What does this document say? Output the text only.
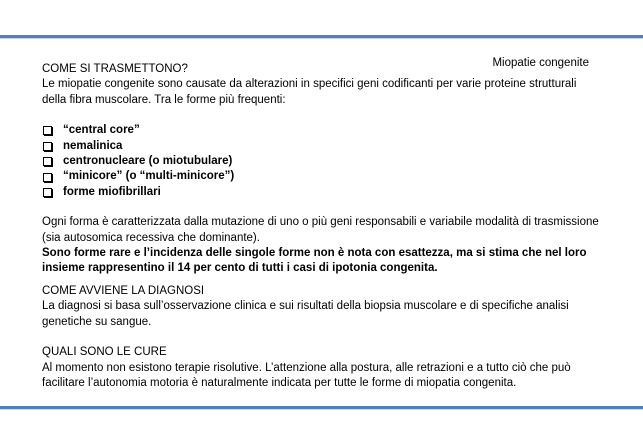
Miopatie congenite

COME SI TRASMETTONO?

Le miopatie congenite sono causate da alterazioni in specifici geni codificanti per varie proteine strutturali della fibra muscolare. Tra le forme più frequenti:

“central core”
nemalinica
centronucleare (o miotubulare)
“minicore” (o “multi-minicore”)
forme miofibrillari

Ogni forma è caratterizzata dalla mutazione di uno o più geni responsabili e variabile modalità di trasmissione (sia autosomica recessiva che dominante).

Sono forme rare e l’incidenza delle singole forme non è nota con esattezza, ma si stima che nel loro insieme rappresentino il 14 per cento di tutti i casi di ipotonia congenita.

COME AVVIENE LA DIAGNOSI

La diagnosi si basa sull’osservazione clinica e sui risultati della biopsia muscolare e di specifiche analisi genetiche su sangue.

QUALI SONO LE CURE

Al momento non esistono terapie risolutive. L’attenzione alla postura, alle retrazioni e a tutto ciò che può facilitare l’autonomia motoria è naturalmente indicata per tutte le forme di miopatia congenita.
